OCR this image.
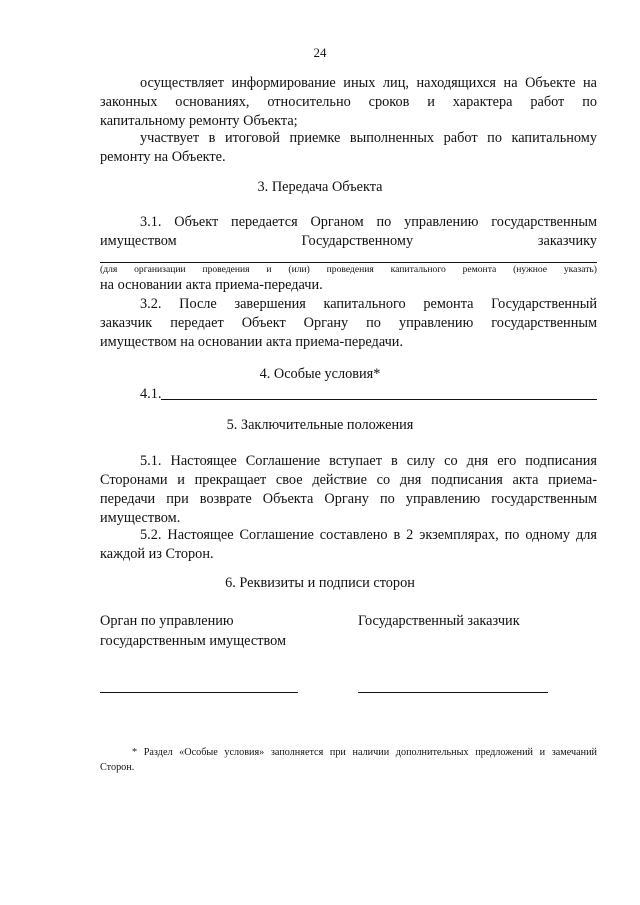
24
осуществляет информирование иных лиц, находящихся на Объекте на
законных основаниях, относительно сроков и характера работ по
капитальному ремонту Объекта;
участвует в итоговой приемке выполненных работ по капитальному
ремонту на Объекте.
3. Передача Объекта
3.1. Объект передается Органом по управлению государственным
имуществом Государственному заказчику
(для организации проведения и (или) проведения капитального ремонта (нужное указать)
на основании акта приема-передачи.
3.2. После завершения капитального ремонта Государственный
заказчик передает Объект Органу по управлению государственным
имуществом на основании акта приема-передачи.
4. Особые условия*
4.1.
5. Заключительные положения
5.1. Настоящее Соглашение вступает в силу со дня его подписания
Сторонами и прекращает свое действие со дня подписания акта приема-
передачи при возврате Объекта Органу по управлению государственным
имуществом.
5.2. Настоящее Соглашение составлено в 2 экземплярах, по одному для
каждой из Сторон.
6. Реквизиты и подписи сторон
Орган по управлению
государственным имуществом
Государственный заказчик
* Раздел «Особые условия» заполняется при наличии дополнительных предложений и замечаний
Сторон.
